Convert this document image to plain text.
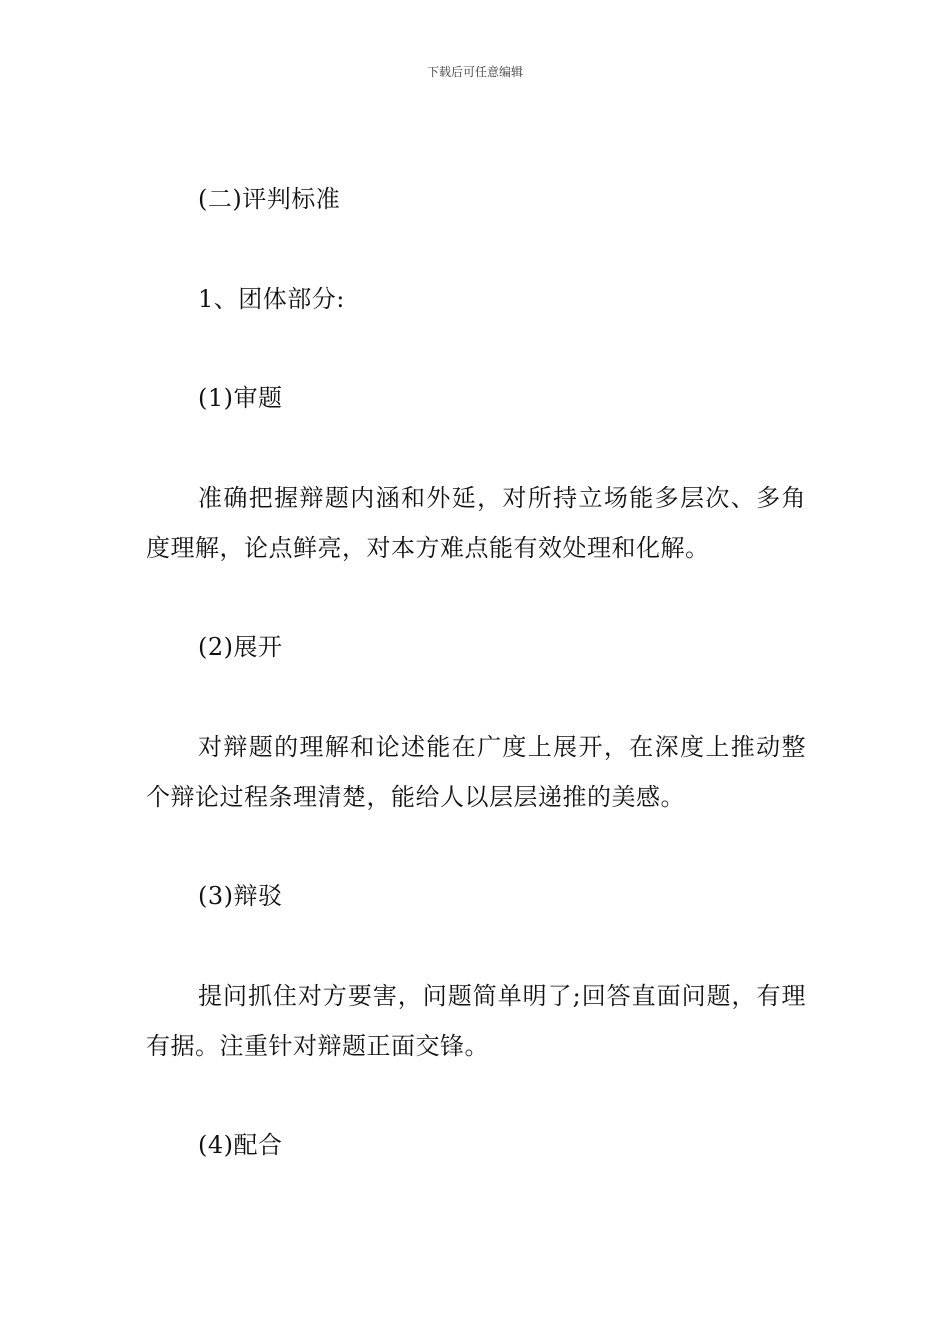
下载后可任意编辑
(二)评判标准
1、团体部分:
(1)审题
准确把握辩题内涵和外延，对所持立场能多层次、多角度理解，论点鲜亮，对本方难点能有效处理和化解。
(2)展开
对辩题的理解和论述能在广度上展开，在深度上推动整个辩论过程条理清楚，能给人以层层递推的美感。
(3)辩驳
提问抓住对方要害，问题简单明了;回答直面问题，有理有据。注重针对辩题正面交锋。
(4)配合
